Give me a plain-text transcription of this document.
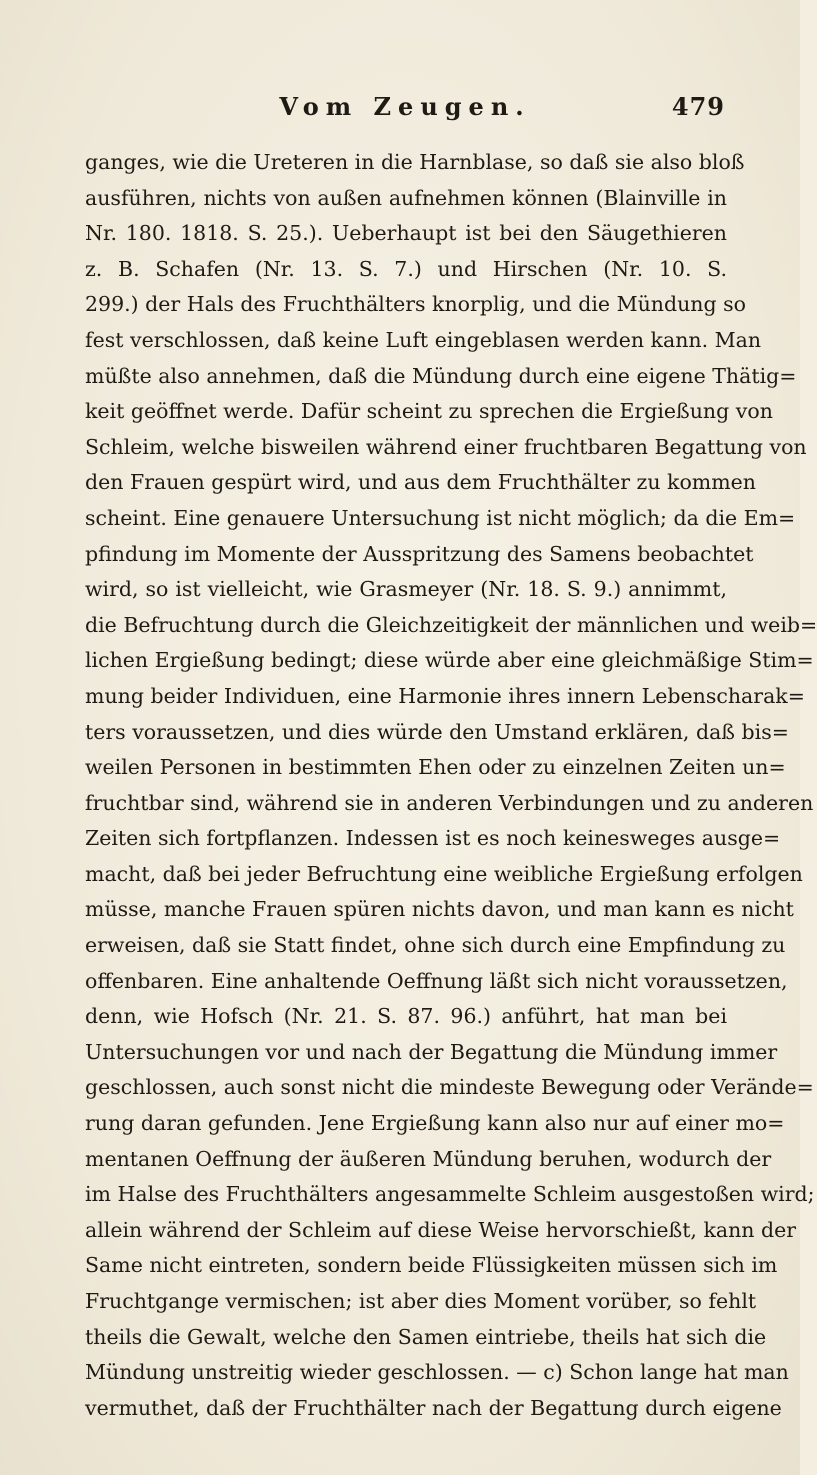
Vom Zeugen.	479
ganges, wie die Ureteren in die Harnblase, so daß sie also bloß
ausführen, nichts von außen aufnehmen können (Blainville in
Nr. 180. 1818. S. 25.). Ueberhaupt ist bei den Säugethieren
z. B. Schafen (Nr. 13. S. 7.) und Hirschen (Nr. 10. S.
299.) der Hals des Fruchthälters knorplig, und die Mündung so
fest verschlossen, daß keine Luft eingeblasen werden kann. Man
müßte also annehmen, daß die Mündung durch eine eigene Thätig=
keit geöffnet werde. Dafür scheint zu sprechen die Ergießung von
Schleim, welche bisweilen während einer fruchtbaren Begattung von
den Frauen gespürt wird, und aus dem Fruchthälter zu kommen
scheint. Eine genauere Untersuchung ist nicht möglich; da die Em=
pfindung im Momente der Ausspritzung des Samens beobachtet
wird, so ist vielleicht, wie Grasmeyer (Nr. 18. S. 9.) annimmt,
die Befruchtung durch die Gleichzeitigkeit der männlichen und weib=
lichen Ergießung bedingt; diese würde aber eine gleichmäßige Stim=
mung beider Individuen, eine Harmonie ihres innern Lebenscharak=
ters voraussetzen, und dies würde den Umstand erklären, daß bis=
weilen Personen in bestimmten Ehen oder zu einzelnen Zeiten un=
fruchtbar sind, während sie in anderen Verbindungen und zu anderen
Zeiten sich fortpflanzen. Indessen ist es noch keinesweges ausge=
macht, daß bei jeder Befruchtung eine weibliche Ergießung erfolgen
müsse, manche Frauen spüren nichts davon, und man kann es nicht
erweisen, daß sie Statt findet, ohne sich durch eine Empfindung zu
offenbaren. Eine anhaltende Oeffnung läßt sich nicht voraussetzen,
denn, wie Hofsch (Nr. 21. S. 87. 96.) anführt, hat man bei
Untersuchungen vor und nach der Begattung die Mündung immer
geschlossen, auch sonst nicht die mindeste Bewegung oder Verände=
rung daran gefunden. Jene Ergießung kann also nur auf einer mo=
mentanen Oeffnung der äußeren Mündung beruhen, wodurch der
im Halse des Fruchthälters angesammelte Schleim ausgestoßen wird;
allein während der Schleim auf diese Weise hervorschießt, kann der
Same nicht eintreten, sondern beide Flüssigkeiten müssen sich im
Fruchtgange vermischen; ist aber dies Moment vorüber, so fehlt
theils die Gewalt, welche den Samen eintriebe, theils hat sich die
Mündung unstreitig wieder geschlossen. — c) Schon lange hat man
vermuthet, daß der Fruchthälter nach der Begattung durch eigene
